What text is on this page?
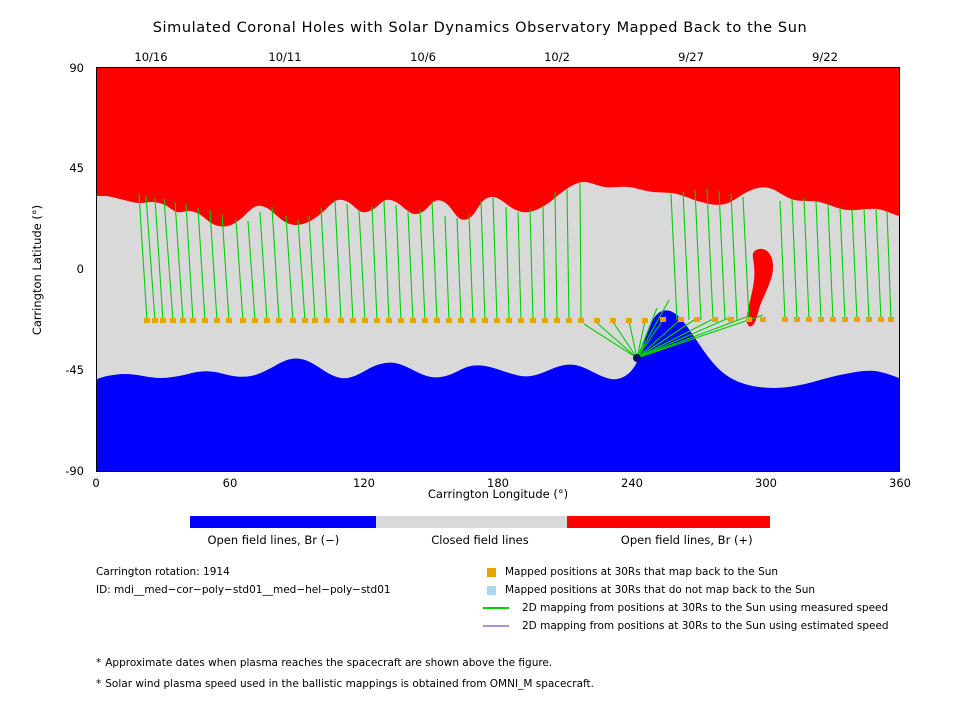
Simulated Coronal Holes with Solar Dynamics Observatory Mapped Back to the Sun
10/16	10/11	10/6	10/2	9/27	9/22
90
45
0
-45
-90
0	60	120	180	240	300	360
Carrington Longitude (°)
Carrington Latitude (°)
Open field lines, Br (−)	Closed field lines	Open field lines, Br (+)
Carrington rotation: 1914
ID: mdi__med−cor−poly−std01__med−hel−poly−std01
Mapped positions at 30Rs that map back to the Sun
Mapped positions at 30Rs that do not map back to the Sun
2D mapping from positions at 30Rs to the Sun using measured speed
2D mapping from positions at 30Rs to the Sun using estimated speed
* Approximate dates when plasma reaches the spacecraft are shown above the figure.
* Solar wind plasma speed used in the ballistic mappings is obtained from OMNI_M spacecraft.
